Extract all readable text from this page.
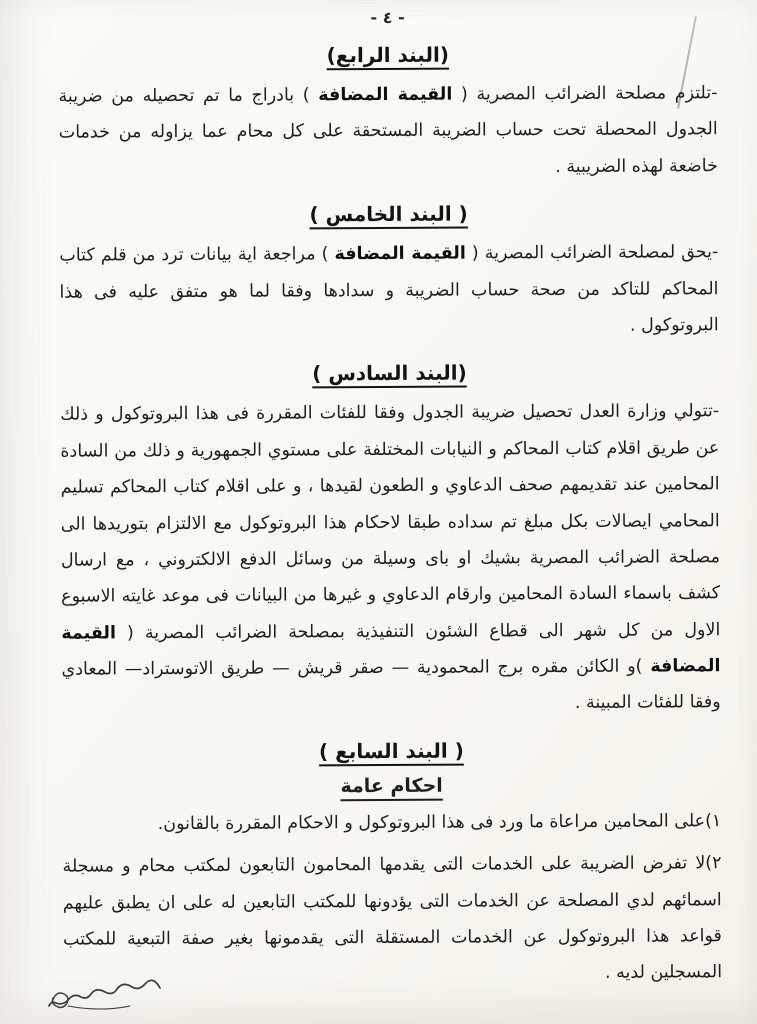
- ٤ -
(البند الرابع)

-تلتزم مصلحة الضرائب المصرية ( القيمة المضافة ) بادراج ما تم تحصيله من ضريبة الجدول المحصلة تحت حساب الضريبة المستحقة على كل محام عما يزاوله من خدمات خاضعة لهذه الضريبية .

( البند الخامس )

-يحق لمصلحة الضرائب المصرية ( القيمة المضافة ) مراجعة اية بيانات ترد من قلم كتاب المحاكم للتاكد من صحة حساب الضريبة و سدادها وفقا لما هو متفق عليه فى هذا البروتوكول .

(البند السادس )

-تتولي وزارة العدل تحصيل ضريبة الجدول وفقا للفئات المقررة فى هذا البروتوكول و ذلك عن طريق اقلام كتاب المحاكم و النيابات المختلفة على مستوي الجمهورية و ذلك من السادة المحامين عند تقديمهم صحف الدعاوي و الطعون لقيدها ، و على اقلام كتاب المحاكم تسليم المحامي ايصالات بكل مبلغ تم سداده طبقا لاحكام هذا البروتوكول مع الالتزام بتوريدها الى مصلحة الضرائب المصرية بشيك او باى وسيلة من وسائل الدفع الالكتروني ، مع ارسال كشف باسماء السادة المحامين وارقام الدعاوي و غيرها من البيانات فى موعد غايته الاسبوع الاول من كل شهر الى قطاع الشئون التنفيذية بمصلحة الضرائب المصرية ( القيمة المضافة )و الكائن مقره برج المحمودية — صقر قريش — طريق الاتوستراد— المعادي وفقا للفئات المبينة .

( البند السابع )
احكام عامة

١)على المحامين مراعاة ما ورد فى هذا البروتوكول و الاحكام المقررة بالقانون.

٢)لا تفرض الضريبة على الخدمات التى يقدمها المحامون التابعون لمكتب محام و مسجلة اسمائهم لدي المصلحة عن الخدمات التى يؤدونها للمكتب التابعين له على ان يطبق عليهم قواعد هذا البروتوكول عن الخدمات المستقلة التى يقدمونها بغير صفة التبعية للمكتب المسجلين لديه .
